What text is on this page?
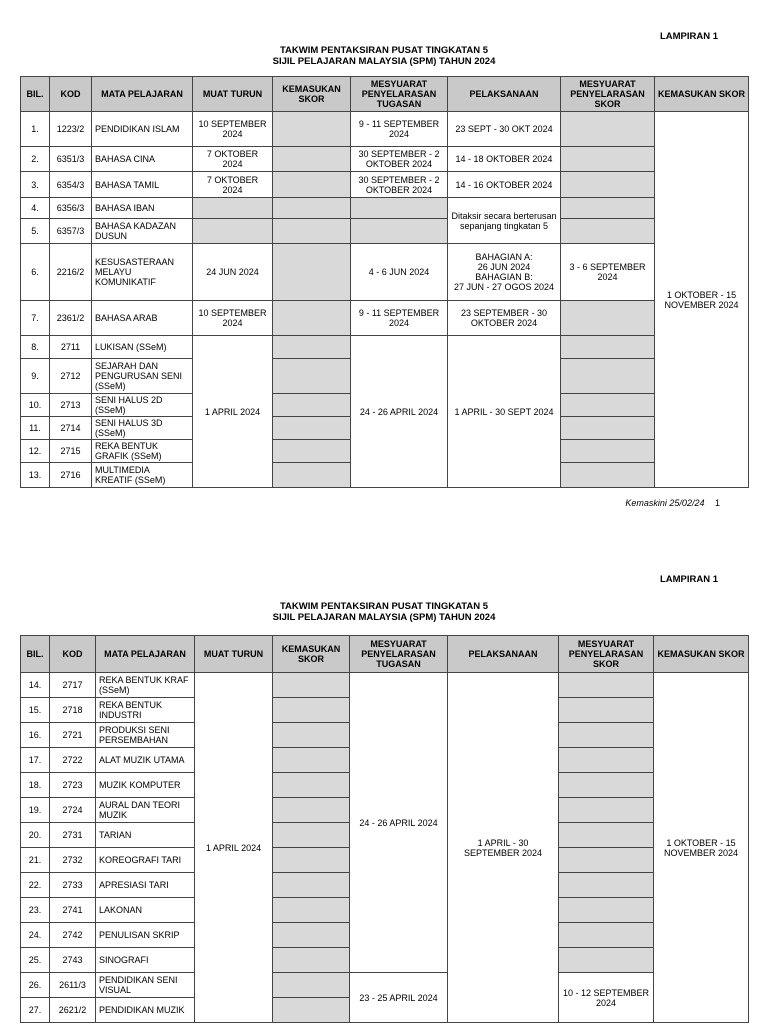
LAMPIRAN 1
TAKWIM PENTAKSIRAN PUSAT TINGKATAN 5
SIJIL PELAJARAN MALAYSIA (SPM) TAHUN 2024
BIL.	KOD	MATA PELAJARAN	MUAT TURUN	KEMASUKAN SKOR	MESYUARAT PENYELARASAN TUGASAN	PELAKSANAAN	MESYUARAT PENYELARASAN SKOR	KEMASUKAN SKOR
1.	1223/2	PENDIDIKAN ISLAM	10 SEPTEMBER 2024		9 - 11 SEPTEMBER 2024	23 SEPT - 30 OKT 2024		1 OKTOBER - 15 NOVEMBER 2024
2.	6351/3	BAHASA CINA	7 OKTOBER 2024		30 SEPTEMBER - 2 OKTOBER 2024	14 - 18 OKTOBER 2024		
3.	6354/3	BAHASA TAMIL	7 OKTOBER 2024		30 SEPTEMBER - 2 OKTOBER 2024	14 - 16 OKTOBER 2024		
4.	6356/3	BAHASA IBAN				Ditaksir secara berterusan sepanjang tingkatan 5		
5.	6357/3	BAHASA KADAZAN DUSUN						
6.	2216/2	KESUSASTERAAN MELAYU KOMUNIKATIF	24 JUN 2024		4 - 6 JUN 2024	BAHAGIAN A:
26 JUN 2024
BAHAGIAN B:
27 JUN - 27 OGOS 2024	3 - 6 SEPTEMBER 2024	
7.	2361/2	BAHASA ARAB	10 SEPTEMBER 2024		9 - 11 SEPTEMBER 2024	23 SEPTEMBER - 30 OKTOBER 2024		
8.	2711	LUKISAN (SSeM)	1 APRIL 2024		24 - 26 APRIL 2024	1 APRIL - 30 SEPT 2024		
9.	2712	SEJARAH DAN PENGURUSAN SENI (SSeM)						
10.	2713	SENI HALUS 2D (SSeM)						
11.	2714	SENI HALUS 3D (SSeM)						
12.	2715	REKA BENTUK GRAFIK (SSeM)						
13.	2716	MULTIMEDIA KREATIF (SSeM)						
Kemaskini 25/02/24 1
LAMPIRAN 1
TAKWIM PENTAKSIRAN PUSAT TINGKATAN 5
SIJIL PELAJARAN MALAYSIA (SPM) TAHUN 2024
BIL.	KOD	MATA PELAJARAN	MUAT TURUN	KEMASUKAN SKOR	MESYUARAT PENYELARASAN TUGASAN	PELAKSANAAN	MESYUARAT PENYELARASAN SKOR	KEMASUKAN SKOR
14.	2717	REKA BENTUK KRAF (SSeM)	1 APRIL 2024		24 - 26 APRIL 2024	1 APRIL - 30 SEPTEMBER 2024		1 OKTOBER - 15 NOVEMBER 2024
15.	2718	REKA BENTUK INDUSTRI						
16.	2721	PRODUKSI SENI PERSEMBAHAN						
17.	2722	ALAT MUZIK UTAMA						
18.	2723	MUZIK KOMPUTER						
19.	2724	AURAL DAN TEORI MUZIK						
20.	2731	TARIAN						
21.	2732	KOREOGRAFI TARI						
22.	2733	APRESIASI TARI						
23.	2741	LAKONAN						
24.	2742	PENULISAN SKRIP						
25.	2743	SINOGRAFI						
26.	2611/3	PENDIDIKAN SENI VISUAL			23 - 25 APRIL 2024		10 - 12 SEPTEMBER 2024	
27.	2621/2	PENDIDIKAN MUZIK						
